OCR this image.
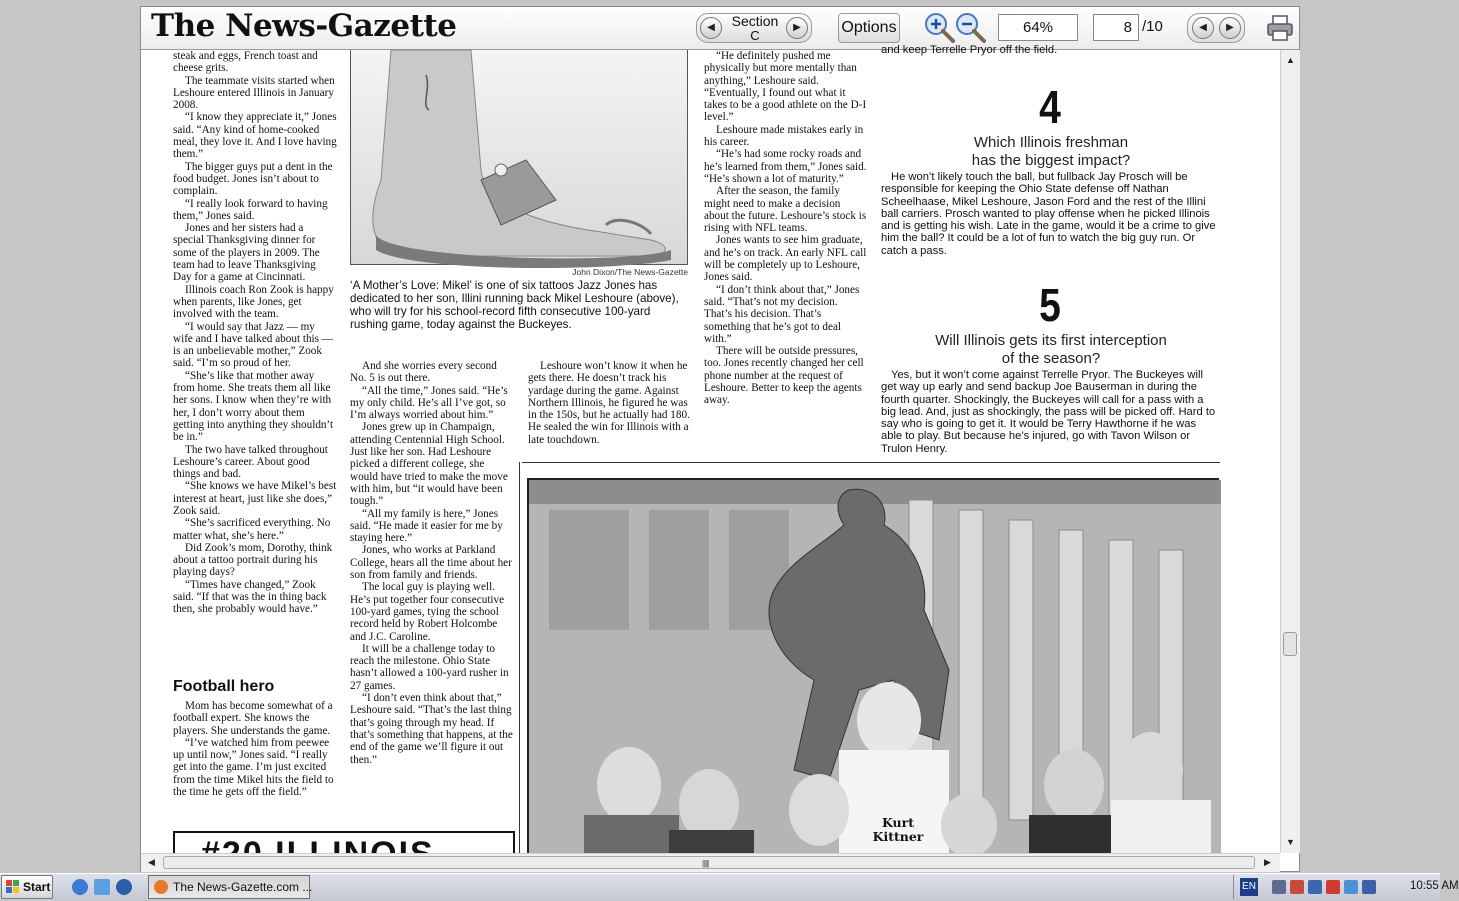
The News-Gazette	◀	Section
C
▶	Options	64%	8 /10	◀	▶

steak and eggs, French toast and cheese grits.

The teammate visits started when Leshoure entered Illinois in January 2008.

“I know they appreciate it,” Jones said. “Any kind of home-cooked meal, they love it. And I love having them.”

The bigger guys put a dent in the food budget. Jones isn’t about to complain.

“I really look forward to having them,” Jones said.

Jones and her sisters had a special Thanksgiving dinner for some of the players in 2009. The team had to leave Thanksgiving Day for a game at Cincinnati.

Illinois coach Ron Zook is happy when parents, like Jones, get involved with the team.

“I would say that Jazz — my wife and I have talked about this — is an unbelievable mother,” Zook said. “I’m so proud of her.

“She’s like that mother away from home. She treats them all like her sons. I know when they’re with her, I don’t worry about them getting into anything they shouldn’t be in.”

The two have talked throughout Leshoure’s career. About good things and bad.

“She knows we have Mikel’s best interest at heart, just like she does,” Zook said.

“She’s sacrificed everything. No matter what, she’s here.”

Did Zook’s mom, Dorothy, think about a tattoo portrait during his playing days?

“Times have changed,” Zook said. “If that was the in thing back then, she probably would have.”

Football hero

Mom has become somewhat of a football expert. She knows the players. She understands the game.

“I’ve watched him from peewee up until now,” Jones said. “I really get into the game. I’m just excited from the time Mikel hits the field to the time he gets off the field.”

John Dixon/The News-Gazette
‘A Mother’s Love: Mikel’ is one of six tattoos Jazz Jones has dedicated to her son, Illini running back Mikel Leshoure (above), who will try for his school-record fifth consecutive 100-yard rushing game, today against the Buckeyes.

And she worries every second No. 5 is out there.

“All the time,” Jones said. “He’s my only child. He’s all I’ve got, so I’m always worried about him.”

Jones grew up in Champaign, attending Centennial High School. Just like her son. Had Leshoure picked a different college, she would have tried to make the move with him, but “it would have been tough.”

“All my family is here,” Jones said. “He made it easier for me by staying here.”

Jones, who works at Parkland College, hears all the time about her son from family and friends.

The local guy is playing well. He’s put together four consecutive 100-yard games, tying the school record held by Robert Holcombe and J.C. Caroline.

It will be a challenge today to reach the milestone. Ohio State hasn’t allowed a 100-yard rusher in 27 games.

“I don’t even think about that,” Leshoure said. “That’s the last thing that’s going through my head. If that’s something that happens, at the end of the game we’ll figure it out then.”

Leshoure won’t know it when he gets there. He doesn’t track his yardage during the game. Against Northern Illinois, he figured he was in the 150s, but he actually had 180. He sealed the win for Illinois with a late touchdown.

“He definitely pushed me physically but more mentally than anything,” Leshoure said. “Eventually, I found out what it takes to be a good athlete on the D-I level.”

Leshoure made mistakes early in his career.

“He’s had some rocky roads and he’s learned from them,” Jones said. “He’s shown a lot of maturity.”

After the season, the family might need to make a decision about the future. Leshoure’s stock is rising with NFL teams.

Jones wants to see him graduate, and he’s on track. An early NFL call will be completely up to Leshoure, Jones said.

“I don’t think about that,” Jones said. “That’s not my decision. That’s his decision. That’s something that he’s got to deal with.”

There will be outside pressures, too. Jones recently changed her cell phone number at the request of Leshoure. Better to keep the agents away.

and keep Terrelle Pryor off the field.
4
Which Illinois freshman has the biggest impact?

He won’t likely touch the ball, but fullback Jay Prosch will be responsible for keeping the Ohio State defense off Nathan Scheelhaase, Mikel Leshoure, Jason Ford and the rest of the Illini ball carriers. Prosch wanted to play offense when he picked Illinois and is getting his wish. Late in the game, would it be a crime to give him the ball? It could be a lot of fun to watch the big guy run. Or catch a pass.

5
Will Illinois gets its first interception of the season?

Yes, but it won’t come against Terrelle Pryor. The Buckeyes will get way up early and send backup Joe Bauserman in during the fourth quarter. Shockingly, the Buckeyes will call for a pass with a big lead. And, just as shockingly, the pass will be picked off. Hard to say who is going to get it. It would be Terry Hawthorne if he was able to play. But because he’s injured, go with Tavon Wilson or Trulon Henry.

Kurt Kittner
▲
▼
◀	||||||	▶
Start	The News-Gazette.com ...	EN	10:55 AM
